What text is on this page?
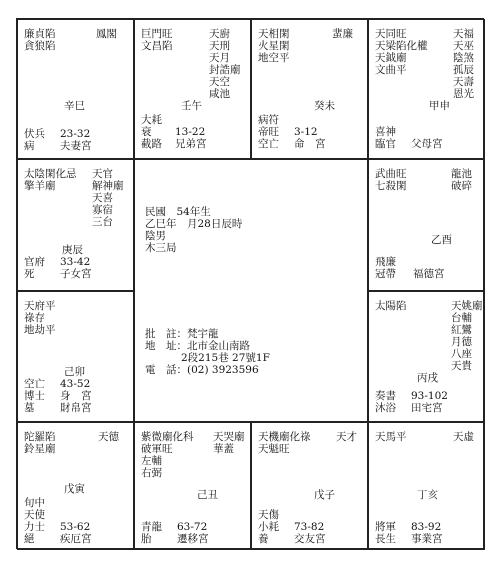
廉貞陷
貪狼陷
鳳閣
辛巳
伏兵 23-32
病 夫妻宮
巨門旺
文昌陷
天廚
天刑
天月
封誥廟
天空
咸池
壬午
大耗
衰 13-22
截路 兄弟宮
天相閑
火星閑
地空平
蜚廉
癸未
病符
帝旺 3-12
空亡 命　宮
天同旺
天梁陷化權
天鉞廟
文曲平
天福
天巫
陰煞
孤辰
天壽
恩光
甲申
喜神
臨官 父母宮
太陰閑化忌
擎羊廟
天官
解神廟
天喜
寡宿
三台
庚辰
官府 33-42
死 子女宮
民國　54年生
乙巳年　月28日辰時
陰男
木三局
批　註：梵宇龍
地　址：北市金山南路
2段215巷 27號1F
電　話：(02) 3923596
武曲旺
七殺閑
龍池
破碎
乙酉
飛廉
冠帶 福德宮
天府平
祿存
地劫平
己卯
空亡 43-52
博士 身　宮
墓 財帛宮
太陽陷	天姚廟
台輔
紅鸞
月德
八座
天貴
丙戌
奏書 93-102
沐浴 田宅宮
陀羅陷
鈴星廟
天德
戊寅
旬中
天使
力士 53-62
絕 疾厄宮
紫微廟化科
破軍旺
左輔
右弼
天哭廟
華蓋
己丑
青龍 63-72
胎 遷移宮
天機廟化祿
天魁旺
天才
戊子
天傷
小耗 73-82
養 交友宮
天馬平	天虛
丁亥
將軍 83-92
長生 事業宮
